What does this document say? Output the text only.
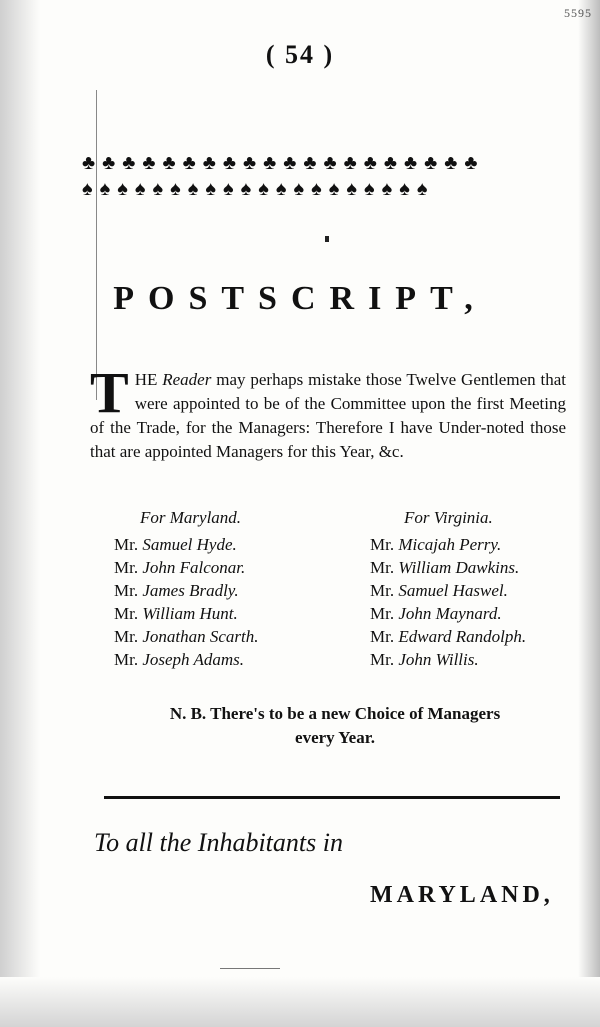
5595
( 54 )
♣ ♣ ♣ ♣ ♣ ♣ ♣ ♣ ♣ ♣ ♣ ♣ ♣ ♣ ♣ ♣ ♣ ♣ ♣ ♣
♠ ♠ ♠ ♠ ♠ ♠ ♠ ♠ ♠ ♠ ♠ ♠ ♠ ♠ ♠ ♠ ♠ ♠ ♠ ♠
POSTSCRIPT,
THE Reader may perhaps mistake those Twelve Gentlemen that were appointed to be of the Committee upon the first Meeting of the Trade, for the Managers: Therefore I have Under-noted those that are appointed Managers for this Year, &c.
For Maryland.
Mr. Samuel Hyde.
Mr. John Falconar.
Mr. James Bradly.
Mr. William Hunt.
Mr. Jonathan Scarth.
Mr. Joseph Adams.
For Virginia.
Mr. Micajah Perry.
Mr. William Dawkins.
Mr. Samuel Haswel.
Mr. John Maynard.
Mr. Edward Randolph.
Mr. John Willis.
N. B. There's to be a new Choice of Managers
every Year.
To all the Inhabitants in
MARYLAND,
